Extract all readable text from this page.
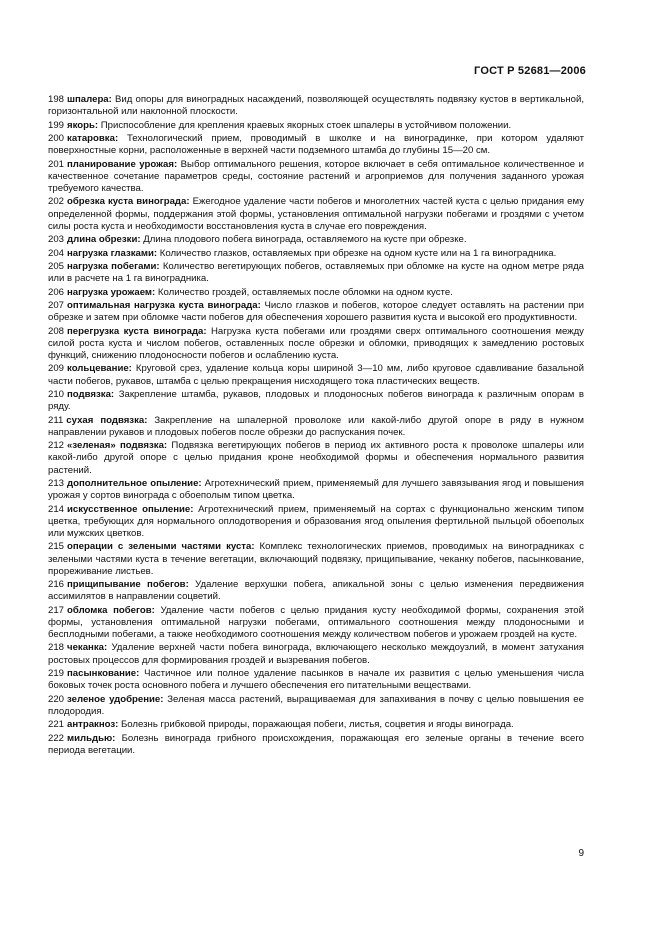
ГОСТ Р 52681—2006
198 шпалера: Вид опоры для виноградных насаждений, позволяющей осуществлять подвязку кустов в вертикальной, горизонтальной или наклонной плоскости.
199 якорь: Приспособление для крепления краевых якорных стоек шпалеры в устойчивом положении.
200 катаровка: Технологический прием, проводимый в школке и на виноградинке, при котором удаляют поверхностные корни, расположенные в верхней части подземного штамба до глубины 15—20 см.
201 планирование урожая: Выбор оптимального решения, которое включает в себя оптимальное количественное и качественное сочетание параметров среды, состояние растений и агроприемов для получения заданного урожая требуемого качества.
202 обрезка куста винограда: Ежегодное удаление части побегов и многолетних частей куста с целью придания ему определенной формы, поддержания этой формы, установления оптимальной нагрузки побегами и гроздями с учетом силы роста куста и необходимости восстановления куста в случае его повреждения.
203 длина обрезки: Длина плодового побега винограда, оставляемого на кусте при обрезке.
204 нагрузка глазками: Количество глазков, оставляемых при обрезке на одном кусте или на 1 га виноградника.
205 нагрузка побегами: Количество вегетирующих побегов, оставляемых при обломке на кусте на одном метре ряда или в расчете на 1 га виноградника.
206 нагрузка урожаем: Количество гроздей, оставляемых после обломки на одном кусте.
207 оптимальная нагрузка куста винограда: Число глазков и побегов, которое следует оставлять на растении при обрезке и затем при обломке части побегов для обеспечения хорошего развития куста и высокой его продуктивности.
208 перегрузка куста винограда: Нагрузка куста побегами или гроздями сверх оптимального соотношения между силой роста куста и числом побегов, оставленных после обрезки и обломки, приводящих к замедлению ростовых функций, снижению плодоносности побегов и ослаблению куста.
209 кольцевание: Круговой срез, удаление кольца коры шириной 3—10 мм, либо круговое сдавливание базальной части побегов, рукавов, штамба с целью прекращения нисходящего тока пластических веществ.
210 подвязка: Закрепление штамба, рукавов, плодовых и плодоносных побегов винограда к различным опорам в ряду.
211 сухая подвязка: Закрепление на шпалерной проволоке или какой-либо другой опоре в ряду в нужном направлении рукавов и плодовых побегов после обрезки до распускания почек.
212 «зеленая» подвязка: Подвязка вегетирующих побегов в период их активного роста к проволоке шпалеры или какой-либо другой опоре с целью придания кроне необходимой формы и обеспечения нормального развития растений.
213 дополнительное опыление: Агротехнический прием, применяемый для лучшего завязывания ягод и повышения урожая у сортов винограда с обоеполым типом цветка.
214 искусственное опыление: Агротехнический прием, применяемый на сортах с функционально женским типом цветка, требующих для нормального оплодотворения и образования ягод опыления фертильной пыльцой обоеполых или мужских цветков.
215 операции с зелеными частями куста: Комплекс технологических приемов, проводимых на виноградниках с зелеными частями куста в течение вегетации, включающий подвязку, прищипывание, чеканку побегов, пасынкование, прореживание листьев.
216 прищипывание побегов: Удаление верхушки побега, апикальной зоны с целью изменения передвижения ассимилятов в направлении соцветий.
217 обломка побегов: Удаление части побегов с целью придания кусту необходимой формы, сохранения этой формы, установления оптимальной нагрузки побегами, оптимального соотношения между плодоносными и бесплодными побегами, а также необходимого соотношения между количеством побегов и урожаем гроздей на кусте.
218 чеканка: Удаление верхней части побега винограда, включающего несколько междоузлий, в момент затухания ростовых процессов для формирования гроздей и вызревания побегов.
219 пасынкование: Частичное или полное удаление пасынков в начале их развития с целью уменьшения числа боковых точек роста основного побега и лучшего обеспечения его питательными веществами.
220 зеленое удобрение: Зеленая масса растений, выращиваемая для запахивания в почву с целью повышения ее плодородия.
221 антракноз: Болезнь грибковой природы, поражающая побеги, листья, соцветия и ягоды винограда.
222 мильдью: Болезнь винограда грибного происхождения, поражающая его зеленые органы в течение всего периода вегетации.
9
